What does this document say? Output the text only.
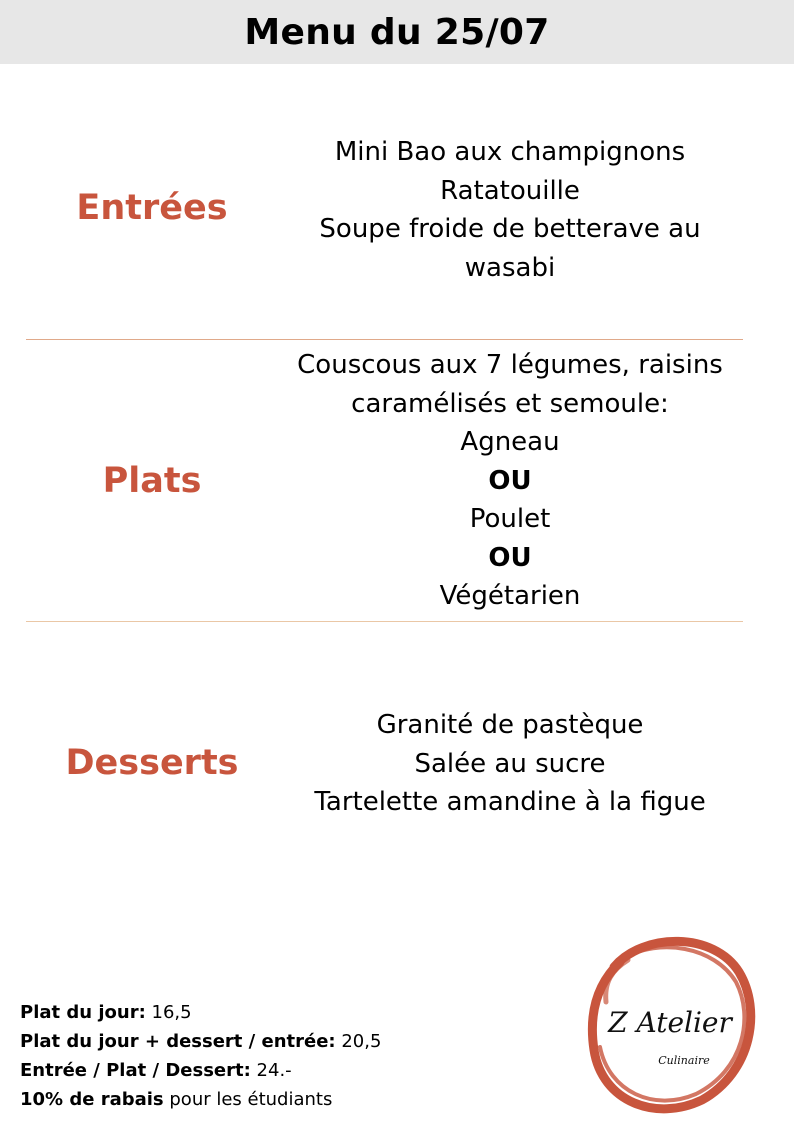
Menu du 25/07
Entrées
Mini Bao aux champignons
Ratatouille
Soupe froide de betterave au
wasabi
Plats
Couscous aux 7 légumes, raisins
caramélisés et semoule:
Agneau
OU
Poulet
OU
Végétarien
Desserts
Granité de pastèque
Salée au sucre
Tartelette amandine à la figue
Plat du jour: 16,5
Plat du jour + dessert / entrée: 20,5
Entrée / Plat / Dessert: 24.-
10% de rabais pour les étudiants
Z Atelier
Culinaire
